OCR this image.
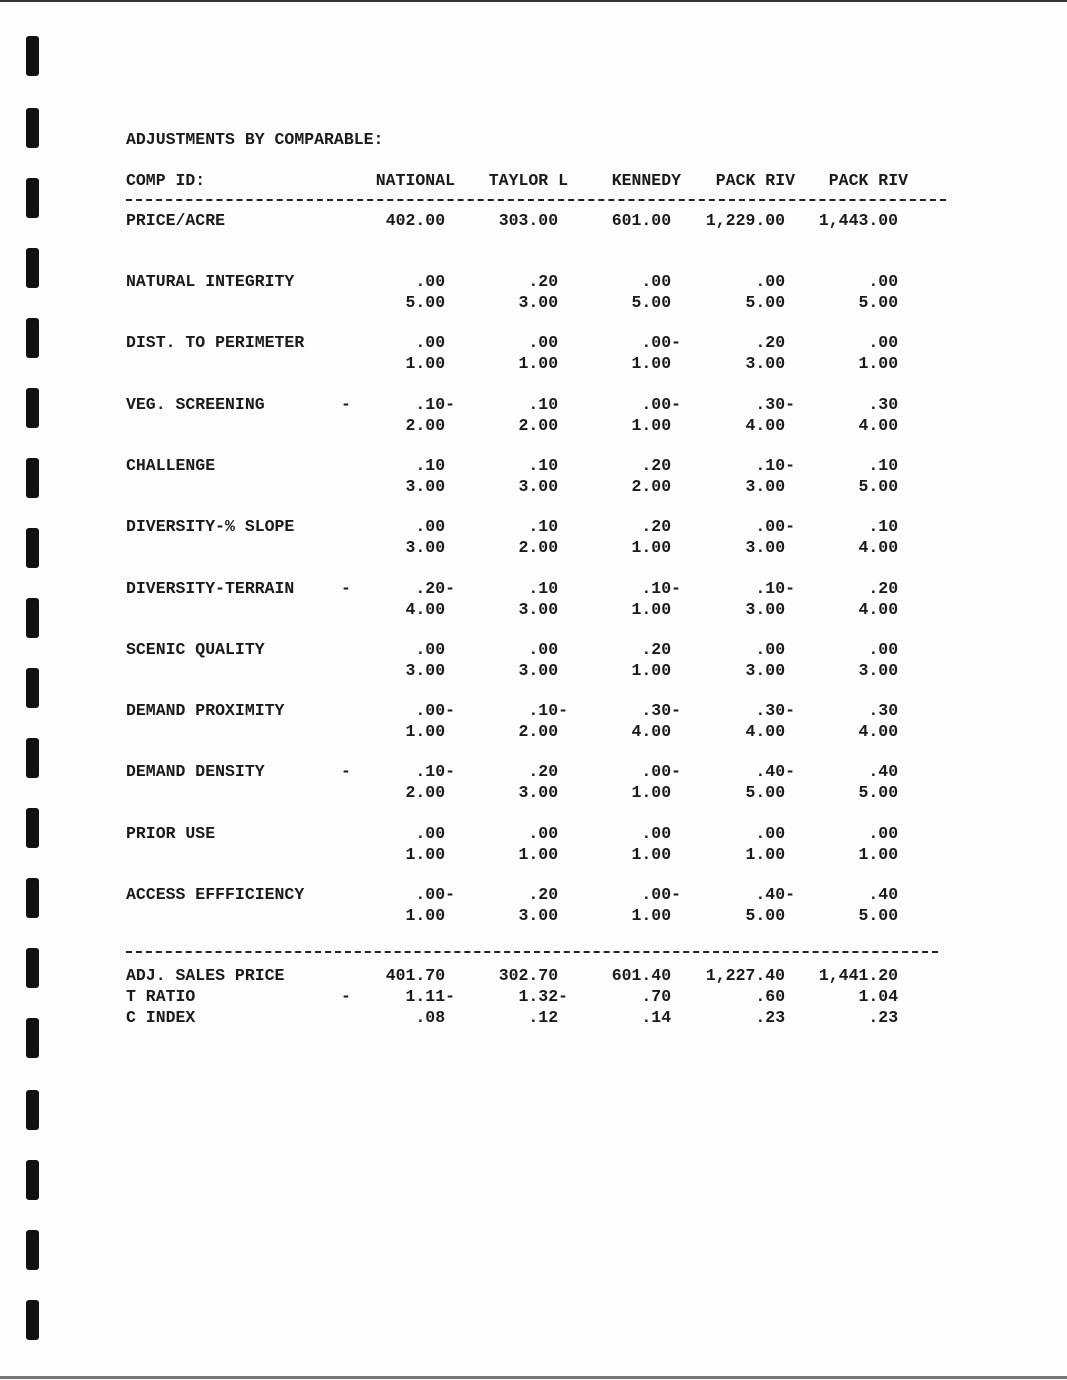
ADJUSTMENTS BY COMPARABLE:
COMP ID:	NATIONAL	TAYLOR L	KENNEDY	PACK RIV	PACK RIV
PRICE/ACRE	402.00	303.00	601.00	1,229.00	1,443.00
NATURAL INTEGRITY	.00	.20	.00	.00	.00
5.00	3.00	5.00	5.00	5.00
DIST. TO PERIMETER	.00	.00	.00-	.20	.00
1.00	1.00	1.00	3.00	1.00
VEG. SCREENING	-	.10-	.10	.00-	.30-	.30
2.00	2.00	1.00	4.00	4.00
CHALLENGE	.10	.10	.20	.10-	.10
3.00	3.00	2.00	3.00	5.00
DIVERSITY-% SLOPE	.00	.10	.20	.00-	.10
3.00	2.00	1.00	3.00	4.00
DIVERSITY-TERRAIN	-	.20-	.10	.10-	.10-	.20
4.00	3.00	1.00	3.00	4.00
SCENIC QUALITY	.00	.00	.20	.00	.00
3.00	3.00	1.00	3.00	3.00
DEMAND PROXIMITY	.00-	.10-	.30-	.30-	.30
1.00	2.00	4.00	4.00	4.00
DEMAND DENSITY	-	.10-	.20	.00-	.40-	.40
2.00	3.00	1.00	5.00	5.00
PRIOR USE	.00	.00	.00	.00	.00
1.00	1.00	1.00	1.00	1.00
ACCESS EFFFICIENCY	.00-	.20	.00-	.40-	.40
1.00	3.00	1.00	5.00	5.00
ADJ. SALES PRICE	401.70	302.70	601.40	1,227.40	1,441.20
T RATIO	-	1.11-	1.32-	.70	.60	1.04
C INDEX	.08	.12	.14	.23	.23
